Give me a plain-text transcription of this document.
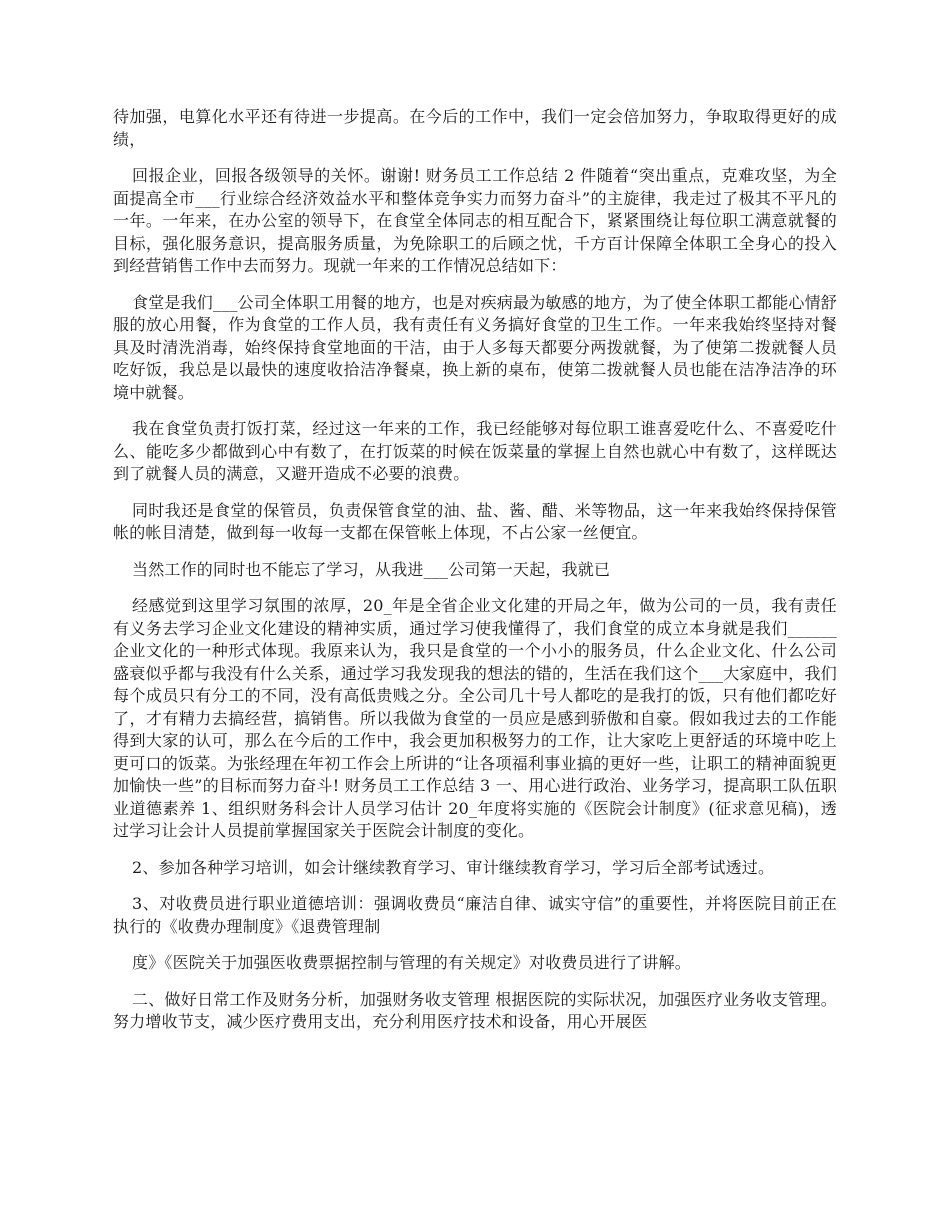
待加强，电算化水平还有待进一步提高。在今后的工作中，我们一定会倍加努力，争取取得更好的成绩，

回报企业，回报各级领导的关怀。谢谢! 财务员工工作总结 2 件随着“突出重点，克难攻坚，为全面提高全市___行业综合经济效益水平和整体竞争实力而努力奋斗”的主旋律，我走过了极其不平凡的一年。一年来，在办公室的领导下，在食堂全体同志的相互配合下，紧紧围绕让每位职工满意就餐的目标，强化服务意识，提高服务质量，为免除职工的后顾之忧，千方百计保障全体职工全身心的投入到经营销售工作中去而努力。现就一年来的工作情况总结如下：

食堂是我们___公司全体职工用餐的地方，也是对疾病最为敏感的地方，为了使全体职工都能心情舒服的放心用餐，作为食堂的工作人员，我有责任有义务搞好食堂的卫生工作。一年来我始终坚持对餐具及时清洗消毒，始终保持食堂地面的干洁，由于人多每天都要分两拨就餐，为了使第二拨就餐人员吃好饭，我总是以最快的速度收拾洁净餐桌，换上新的桌布，使第二拨就餐人员也能在洁净洁净的环境中就餐。

我在食堂负责打饭打菜，经过这一年来的工作，我已经能够对每位职工谁喜爱吃什么、不喜爱吃什么、能吃多少都做到心中有数了，在打饭菜的时候在饭菜量的掌握上自然也就心中有数了，这样既达到了就餐人员的满意，又避开造成不必要的浪费。

同时我还是食堂的保管员，负责保管食堂的油、盐、酱、醋、米等物品，这一年来我始终保持保管帐的帐目清楚，做到每一收每一支都在保管帐上体现，不占公家一丝便宜。

当然工作的同时也不能忘了学习，从我进___公司第一天起，我就已

经感觉到这里学习氛围的浓厚，20_年是全省企业文化建的开局之年，做为公司的一员，我有责任有义务去学习企业文化建设的精神实质，通过学习使我懂得了，我们食堂的成立本身就是我们______企业文化的一种形式体现。我原来认为，我只是食堂的一个小小的服务员，什么企业文化、什么公司盛衰似乎都与我没有什么关系，通过学习我发现我的想法的错的，生活在我们这个___大家庭中，我们每个成员只有分工的不同，没有高低贵贱之分。全公司几十号人都吃的是我打的饭，只有他们都吃好了，才有精力去搞经营，搞销售。所以我做为食堂的一员应是感到骄傲和自豪。假如我过去的工作能得到大家的认可，那么在今后的工作中，我会更加积极努力的工作，让大家吃上更舒适的环境中吃上更可口的饭菜。为张经理在年初工作会上所讲的“让各项福利事业搞的更好一些，让职工的精神面貌更加愉快一些”的目标而努力奋斗! 财务员工工作总结 3 一、用心进行政治、业务学习，提高职工队伍职业道德素养 1、组织财务科会计人员学习估计 20_年度将实施的《医院会计制度》(征求意见稿)，透过学习让会计人员提前掌握国家关于医院会计制度的变化。

2、参加各种学习培训，如会计继续教育学习、审计继续教育学习，学习后全部考试透过。

3、对收费员进行职业道德培训：强调收费员“廉洁自律、诚实守信”的重要性，并将医院目前正在执行的《收费办理制度》《退费管理制

度》《医院关于加强医收费票据控制与管理的有关规定》对收费员进行了讲解。

二、做好日常工作及财务分析，加强财务收支管理 根据医院的实际状况，加强医疗业务收支管理。努力增收节支，减少医疗费用支出，充分利用医疗技术和设备，用心开展医
